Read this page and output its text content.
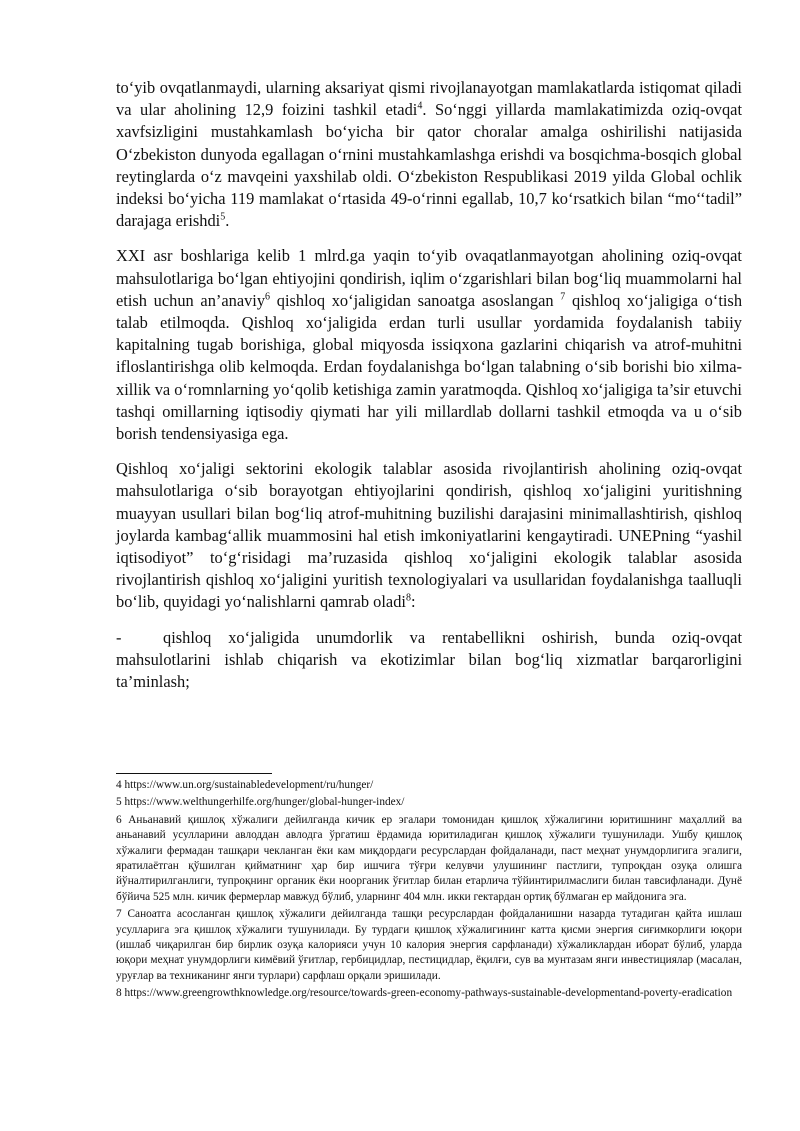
to‘yib ovqatlanmaydi, ularning aksariyat qismi rivojlanayotgan mamlakatlarda istiqomat qiladi va ular aholining 12,9 foizini tashkil etadi$^4$. So‘nggi yillarda mamlakatimizda oziq-ovqat xavfsizligini mustahkamlash bo‘yicha bir qator choralar amalga oshirilishi natijasida O‘zbekiston dunyoda egallagan o‘rnini mustahkamlashga erishdi va bosqichma-bosqich global reytinglarda o‘z mavqeini yaxshilab oldi. O‘zbekiston Respublikasi 2019 yilda Global ochlik indeksi bo‘yicha 119 mamlakat o‘rtasida 49-o‘rinni egallab, 10,7 ko‘rsatkich bilan “mo‘‘tadil” darajaga erishdi$^5$.

XXI asr boshlariga kelib 1 mlrd.ga yaqin to‘yib ovaqatlanmayotgan aholining oziq-ovqat mahsulotlariga bo‘lgan ehtiyojini qondirish, iqlim o‘zgarishlari bilan bog‘liq muammolarni hal etish uchun an’anaviy$^6$ qishloq xo‘jaligidan sanoatga asoslangan $^7$ qishloq xo‘jaligiga o‘tish talab etilmoqda. Qishloq xo‘jaligida erdan turli usullar yordamida foydalanish tabiiy kapitalning tugab borishiga, global miqyosda issiqxona gazlarini chiqarish va atrof-muhitni ifloslantirishga olib kelmoqda. Erdan foydalanishga bo‘lgan talabning o‘sib borishi bio xilma-xillik va o‘romnlarning yo‘qolib ketishiga zamin yaratmoqda. Qishloq xo‘jaligiga ta’sir etuvchi tashqi omillarning iqtisodiy qiymati har yili millardlab dollarni tashkil etmoqda va u o‘sib borish tendensiyasiga ega.

Qishloq xo‘jaligi sektorini ekologik talablar asosida rivojlantirish aholining oziq-ovqat mahsulotlariga o‘sib borayotgan ehtiyojlarini qondirish, qishloq xo‘jaligini yuritishning muayyan usullari bilan bog‘liq atrof-muhitning buzilishi darajasini minimallashtirish, qishloq joylarda kambag‘allik muammosini hal etish imkoniyatlarini kengaytiradi. UNEPning “yashil iqtisodiyot” to‘g‘risidagi ma’ruzasida qishloq xo‘jaligini ekologik talablar asosida rivojlantirish qishloq xo‘jaligini yuritish texnologiyalari va usullaridan foydalanishga taalluqli bo‘lib, quyidagi yo‘nalishlarni qamrab oladi$^8$:

-	qishloq xo‘jaligida unumdorlik va rentabellikni oshirish, bunda oziq-ovqat mahsulotlarini ishlab chiqarish va ekotizimlar bilan bog‘liq xizmatlar barqarorligini ta’minlash;

4 https://www.un.org/sustainabledevelopment/ru/hunger/
5 https://www.welthungerhilfe.org/hunger/global-hunger-index/
6 Аньанавий қишлоқ хўжалиги дейилганда кичик ер эгалари томонидан қишлоқ хўжалигини юритишнинг маҳаллий ва аньанавий усулларини авлоддан авлодга ўргатиш ёрдамида юритиладиган қишлоқ хўжалиги тушунилади. Ушбу қишлоқ хўжалиги фермадан ташқари чекланган ёки кам миқдордаги ресурслардан фойдаланади, паст меҳнат унумдорлигига эгалиги, яратилаётган қўшилган қийматнинг ҳар бир ишчига тўғри келувчи улушининг пастлиги, тупроқдан озуқа олишга йўналтирилганлиги, тупроқнинг органик ёки ноорганик ўғитлар билан етарлича тўйинтирилмаслиги билан тавсифланади. Дунё бўйича 525 млн. кичик фермерлар мавжуд бўлиб, уларнинг 404 млн. икки гектардан ортиқ бўлмаган ер майдонига эга.
7 Саноатга асосланган қишлоқ хўжалиги дейилганда ташқи ресурслардан фойдаланишни назарда тутадиган қайта ишлаш усулларига эга қишлоқ хўжалиги тушунилади. Бу турдаги қишлоқ хўжалигининг катта қисми энергия сиғимкорлиги юқори (ишлаб чиқарилган бир бирлик озуқа калорияси учун 10 калория энергия сарфланади) хўжаликлардан иборат бўлиб, уларда юқори меҳнат унумдорлиги кимёвий ўғитлар, гербицидлар, пестицидлар, ёқилғи, сув ва мунтазам янги инвестициялар (масалан, уруғлар ва техниканинг янги турлари) сарфлаш орқали эришилади.
8 https://www.greengrowthknowledge.org/resource/towards-green-economy-pathways-sustainable-developmentand-poverty-eradication
